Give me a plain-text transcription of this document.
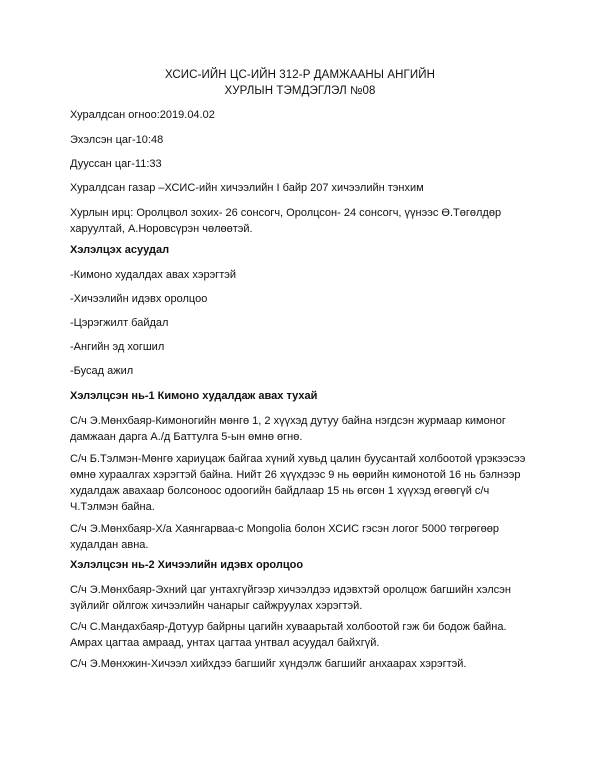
ХСИС-ИЙН ЦС-ИЙН 312-Р ДАМЖААНЫ АНГИЙН
ХУРЛЫН ТЭМДЭГЛЭЛ №08
Хуралдсан огноо:2019.04.02
Эхэлсэн цаг-10:48
Дууссан цаг-11:33
Хуралдсан газар –ХСИС-ийн хичээлийн I байр 207 хичээлийн тэнхим
Хурлын ирц: Оролцвол зохих- 26 сонсогч, Оролцсон- 24 сонсогч, үүнээс Ө.Төгөлдөр
харуултай, А.Норовсүрэн чөлөөтэй.
Хэлэлцэх асуудал
-Кимоно худалдах авах хэрэгтэй
-Хичээлийн идэвх оролцоо
-Цэрэгжилт байдал
-Ангийн эд хогшил
-Бусад ажил
Хэлэлцсэн нь-1 Кимоно худалдаж авах тухай
С/ч Э.Мөнхбаяр-Кимоногийн мөнгө 1, 2 хүүхэд дутуу байна нэгдсэн журмаар кимоног
дамжаан дарга А./д Баттулга 5-ын өмнө өгнө.
С/ч Б.Тэлмэн-Мөнгө хариуцаж байгаа хүний хувьд цалин буусантай холбоотой үрэкээсээ
өмнө хураалгах хэрэгтэй байна. Нийт 26 хүүхдээс 9 нь өөрийн кимонотой 16 нь бэлнээр
худалдаж авахаар болсоноос одоогийн байдлаар 15 нь өгсөн 1 хүүхэд өгөөгүй с/ч
Ч.Тэлмэн байна.
С/ч Э.Мөнхбаяр-Х/а Хаянгарваа-с Mongolia болон ХСИС гэсэн логог 5000 төгрөгөөр
худалдан авна.
Хэлэлцсэн нь-2 Хичээлийн идэвх оролцоо
С/ч Э.Мөнхбаяр-Эхний цаг унтахгүйгээр хичээлдээ идэвхтэй оролцож багшийн хэлсэн
зүйлийг ойлгож хичээлийн чанарыг сайжруулах хэрэгтэй.
С/ч С.Мандахбаяр-Дотуур байрны цагийн хуваарьтай холбоотой гэж би бодож байна.
Амрах цагтаа амраад, унтах цагтаа унтвал асуудал байхгүй.
С/ч Э.Мөнхжин-Хичээл хийхдээ багшийг хүндэлж багшийг анхаарах хэрэгтэй.
